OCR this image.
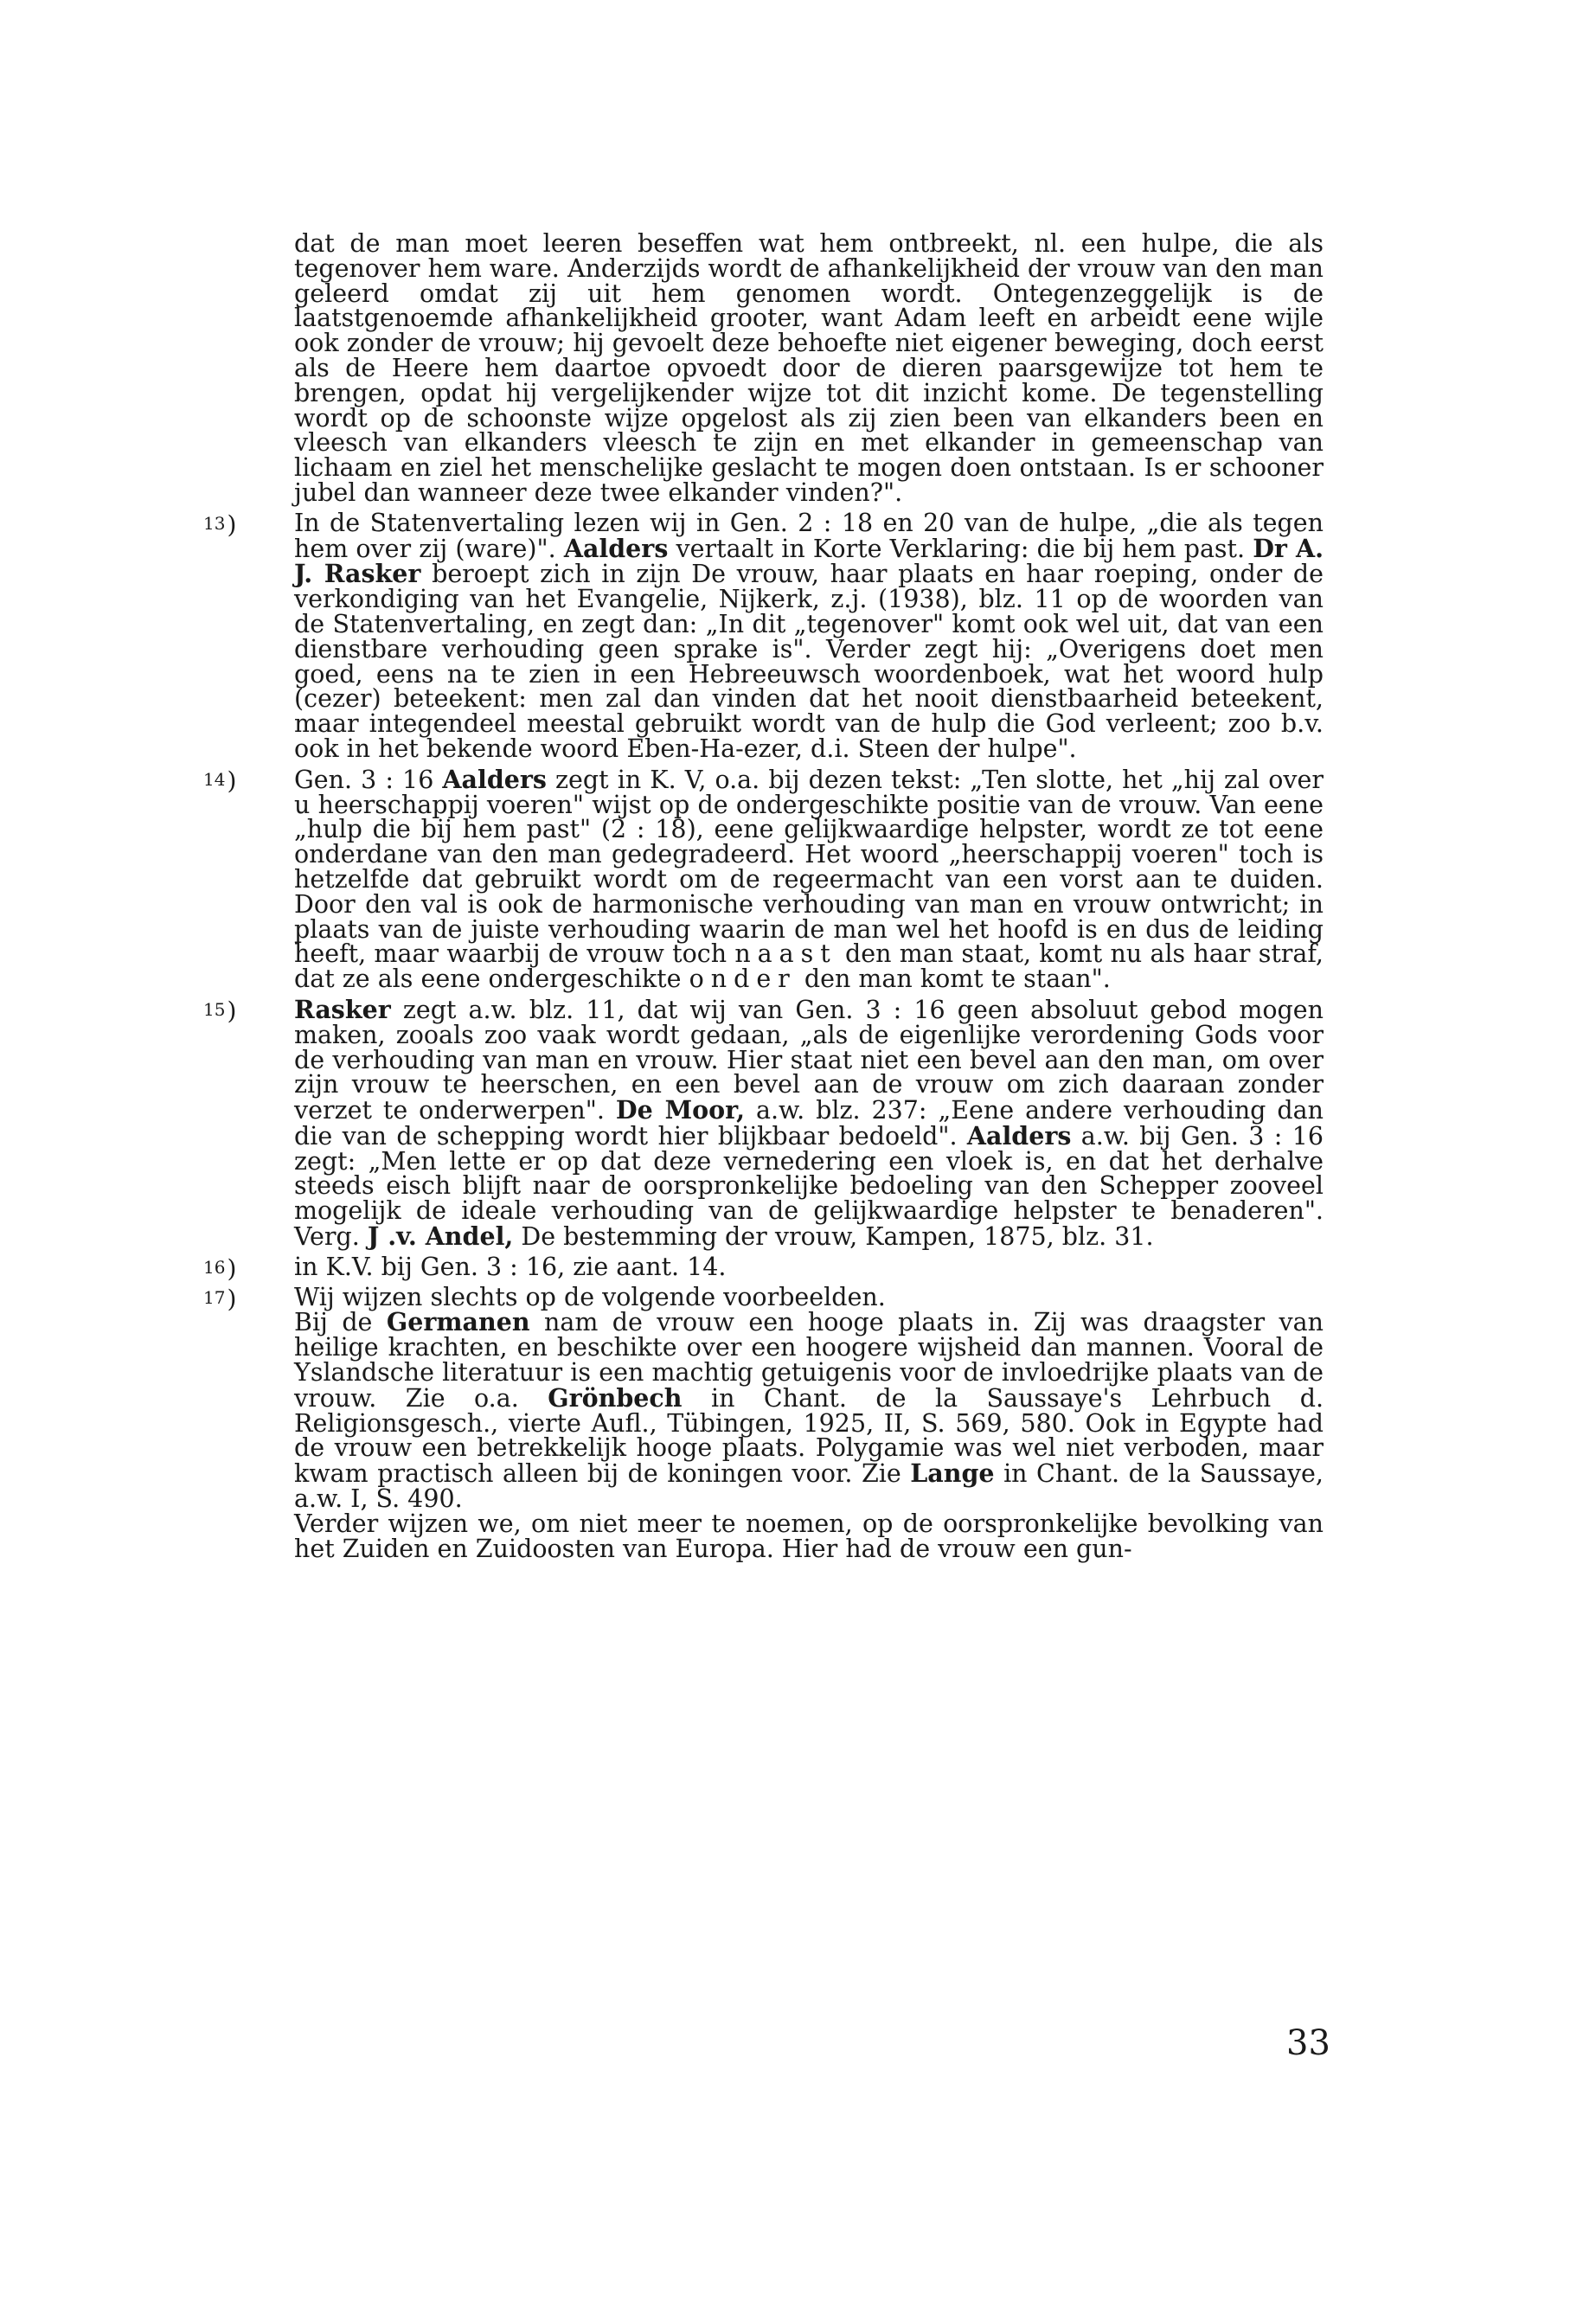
dat de man moet leeren beseffen wat hem ontbreekt, nl. een hulpe, die als tegenover hem ware. Anderzijds wordt de afhankelijkheid der vrouw van den man geleerd omdat zij uit hem genomen wordt. Ontegenzeggelijk is de laatstgenoemde afhankelijkheid grooter, want Adam leeft en arbeidt eene wijle ook zonder de vrouw; hij gevoelt deze behoefte niet eigener beweging, doch eerst als de Heere hem daartoe opvoedt door de dieren paarsgewijze tot hem te brengen, opdat hij vergelijkender wijze tot dit inzicht kome. De tegenstelling wordt op de schoonste wijze opgelost als zij zien been van elkanders been en vleesch van elkanders vleesch te zijn en met elkander in gemeenschap van lichaam en ziel het menschelijke geslacht te mogen doen ontstaan. Is er schooner jubel dan wanneer deze twee elkander vinden?".

13 )	In de Statenvertaling lezen wij in Gen. 2 : 18 en 20 van de hulpe, „die als tegen hem over zij (ware)". Aalders vertaalt in Korte Verklaring: die bij hem past. Dr A. J. Rasker beroept zich in zijn De vrouw, haar plaats en haar roeping, onder de verkondiging van het Evangelie, Nijkerk, z.j. (1938), blz. 11 op de woorden van de Statenvertaling, en zegt dan: „In dit „tegenover" komt ook wel uit, dat van een dienstbare verhouding geen sprake is". Verder zegt hij: „Overigens doet men goed, eens na te zien in een Hebreeuwsch woordenboek, wat het woord hulp (cezer) beteekent: men zal dan vinden dat het nooit dienstbaarheid beteekent, maar integendeel meestal gebruikt wordt van de hulp die God verleent; zoo b.v. ook in het bekende woord Eben-Ha-ezer, d.i. Steen der hulpe".
14 )	Gen. 3 : 16 Aalders zegt in K. V, o.a. bij dezen tekst: „Ten slotte, het „hij zal over u heerschappij voeren" wijst op de ondergeschikte positie van de vrouw. Van eene „hulp die bij hem past" (2 : 18), eene gelijkwaardige helpster, wordt ze tot eene onderdane van den man gedegradeerd. Het woord „heerschappij voeren" toch is hetzelfde dat gebruikt wordt om de regeermacht van een vorst aan te duiden. Door den val is ook de harmonische verhouding van man en vrouw ontwricht; in plaats van de juiste verhouding waarin de man wel het hoofd is en dus de leiding heeft, maar waarbij de vrouw toch naast den man staat, komt nu als haar straf, dat ze als eene ondergeschikte onder den man komt te staan".
15 )	Rasker zegt a.w. blz. 11, dat wij van Gen. 3 : 16 geen absoluut gebod mogen maken, zooals zoo vaak wordt gedaan, „als de eigenlijke verordening Gods voor de verhouding van man en vrouw. Hier staat niet een bevel aan den man, om over zijn vrouw te heerschen, en een bevel aan de vrouw om zich daaraan zonder verzet te onderwerpen". De Moor, a.w. blz. 237: „Eene andere verhouding dan die van de schepping wordt hier blijkbaar bedoeld". Aalders a.w. bij Gen. 3 : 16 zegt: „Men lette er op dat deze vernedering een vloek is, en dat het derhalve steeds eisch blijft naar de oorspronkelijke bedoeling van den Schepper zooveel mogelijk de ideale verhouding van de gelijkwaardige helpster te benaderen". Verg. J .v. Andel, De bestemming der vrouw, Kampen, 1875, blz. 31.
16 )	in K.V. bij Gen. 3 : 16, zie aant. 14.
17 )	Wij wijzen slechts op de volgende voorbeelden.

Bij de Germanen nam de vrouw een hooge plaats in. Zij was draagster van heilige krachten, en beschikte over een hoogere wijsheid dan mannen. Vooral de Yslandsche literatuur is een machtig getuigenis voor de invloedrijke plaats van de vrouw. Zie o.a. Grönbech in Chant. de la Saussaye's Lehrbuch d. Religionsgesch., vierte Aufl., Tübingen, 1925, II, S. 569, 580. Ook in Egypte had de vrouw een betrekkelijk hooge plaats. Polygamie was wel niet verboden, maar kwam practisch alleen bij de koningen voor. Zie Lange in Chant. de la Saussaye, a.w. I, S. 490.

Verder wijzen we, om niet meer te noemen, op de oorspronkelijke bevolking van het Zuiden en Zuidoosten van Europa. Hier had de vrouw een gun-

33
